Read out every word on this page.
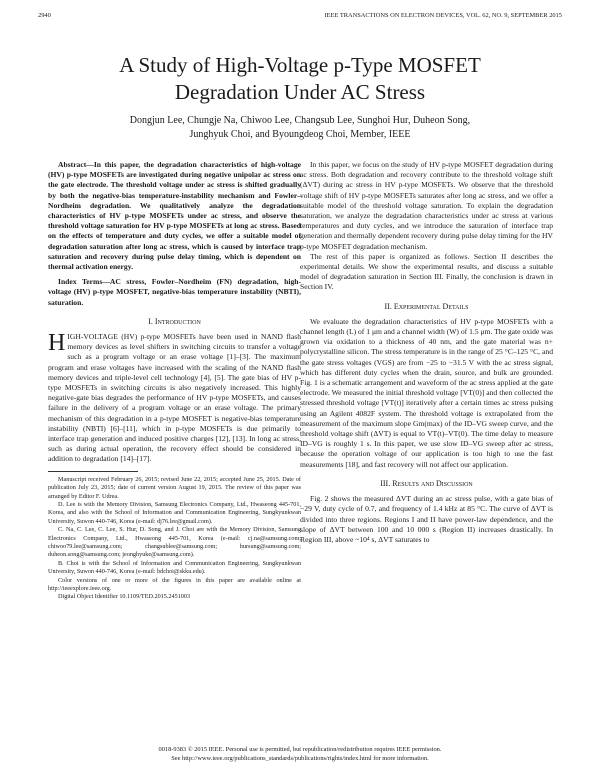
2940	IEEE TRANSACTIONS ON ELECTRON DEVICES, VOL. 62, NO. 9, SEPTEMBER 2015
A Study of High-Voltage p-Type MOSFET
Degradation Under AC Stress
Dongjun Lee, Chungje Na, Chiwoo Lee, Changsub Lee, Sunghoi Hur, Duheon Song,
Junghyuk Choi, and Byoungdeog Choi, Member, IEEE

Abstract—In this paper, the degradation characteristics of high-voltage (HV) p-type MOSFETs are investigated during negative unipolar ac stress on the gate electrode. The threshold voltage under ac stress is shifted gradually by both the negative-bias temperature-instability mechanism and Fowler–Nordheim degradation. We qualitatively analyze the degradation characteristics of HV p-type MOSFETs under ac stress, and observe the threshold voltage saturation for HV p-type MOSFETs at long ac stress. Based on the effects of temperature and duty cycles, we offer a suitable model of degradation saturation after long ac stress, which is caused by interface trap saturation and recovery during pulse delay timing, which is dependent on thermal activation energy.

Index Terms—AC stress, Fowler–Nordheim (FN) degradation, high-voltage (HV) p-type MOSFET, negative-bias temperature instability (NBTI), saturation.

I. Introduction

HIGH-VOLTAGE (HV) p-type MOSFETs have been used in NAND flash memory devices as level shifters in switching circuits to transfer a voltage such as a program voltage or an erase voltage [1]–[3]. The maximum program and erase voltages have increased with the scaling of the NAND flash memory devices and triple-level cell technology [4], [5]. The gate bias of HV p-type MOSFETs in switching circuits is also negatively increased. This highly negative-gate bias degrades the performance of HV p-type MOSFETs, and causes failure in the delivery of a program voltage or an erase voltage. The primary mechanism of this degradation in a p-type MOSFET is negative-bias temperature instability (NBTI) [6]–[11], which in p-type MOSFETs is due primarily to interface trap generation and induced positive charges [12], [13]. In long ac stress, such as during actual operation, the recovery effect should be considered in addition to degradation [14]–[17].

Manuscript received February 26, 2015; revised June 22, 2015; accepted June 25, 2015. Date of publication July 23, 2015; date of current version August 19, 2015. The review of this paper was arranged by Editor F. Udrea.

D. Lee is with the Memory Division, Samsung Electronics Company, Ltd., Hwaseong 445-701, Korea, and also with the School of Information and Communication Engineering, Sungkyunkwan University, Suwon 440-746, Korea (e-mail: dj76.lee@gmail.com).

C. Na, C. Lee, C. Lee, S. Hur, D. Song, and J. Choi are with the Memory Division, Samsung Electronics Company, Ltd., Hwaseong 445-701, Korea (e-mail: cj.na@samsung.com; chiwoo79.lee@samsung.com; changsublee@samsung.com; hursung@samsung.com; duheon.song@samsung.com; jeonghyuke@samsung.com).

B. Choi is with the School of Information and Communication Engineering, Sungkyunkwan University, Suwon 440-746, Korea (e-mail: bdchoi@skku.edu).

Color versions of one or more of the figures in this paper are available online at http://ieeexplore.ieee.org.

Digital Object Identifier 10.1109/TED.2015.2451003

In this paper, we focus on the study of HV p-type MOSFET degradation during ac stress. Both degradation and recovery contribute to the threshold voltage shift (ΔVT) during ac stress in HV p-type MOSFETs. We observe that the threshold voltage shift of HV p-type MOSFETs saturates after long ac stress, and we offer a suitable model of the threshold voltage saturation. To explain the degradation saturation, we analyze the degradation characteristics under ac stress at various temperatures and duty cycles, and we introduce the saturation of interface trap generation and thermally dependent recovery during pulse delay timing for the HV p-type MOSFET degradation mechanism.

The rest of this paper is organized as follows. Section II describes the experimental details. We show the experimental results, and discuss a suitable model of degradation saturation in Section III. Finally, the conclusion is drawn in Section IV.

II. Experimental Details

We evaluate the degradation characteristics of HV p-type MOSFETs with a channel length (L) of 1 μm and a channel width (W) of 1.5 μm. The gate oxide was grown via oxidation to a thickness of 40 nm, and the gate material was n+ polycrystalline silicon. The stress temperature is in the range of 25 °C–125 °C, and the gate stress voltages (VGS) are from −25 to −31.5 V with the ac stress signal, which has different duty cycles when the drain, source, and bulk are grounded. Fig. 1 is a schematic arrangement and waveform of the ac stress applied at the gate electrode. We measured the initial threshold voltage [VT(0)] and then collected the stressed threshold voltage [VT(t)] iteratively after a certain times ac stress pulsing using an Agilent 4082F system. The threshold voltage is extrapolated from the measurement of the maximum slope Gm(max) of the ID–VG sweep curve, and the threshold voltage shift (ΔVT) is equal to VT(t)–VT(0). The time delay to measure ID–VG is roughly 1 s. In this paper, we use slow ID–VG sweep after ac stress, because the operation voltage of our application is too high to use the fast measurements [18], and fast recovery will not affect our application.

III. Results and Discussion

Fig. 2 shows the measured ΔVT during an ac stress pulse, with a gate bias of −29 V, duty cycle of 0.7, and frequency of 1.4 kHz at 85 °C. The curve of ΔVT is divided into three regions. Regions I and II have power-law dependence, and the slope of ΔVT between 100 and 10 000 s (Region II) increases drastically. In Region III, above ~10⁴ s, ΔVT saturates to

0018-9383 © 2015 IEEE. Personal use is permitted, but republication/redistribution requires IEEE permission.
See http://www.ieee.org/publications_standards/publications/rights/index.html for more information.
